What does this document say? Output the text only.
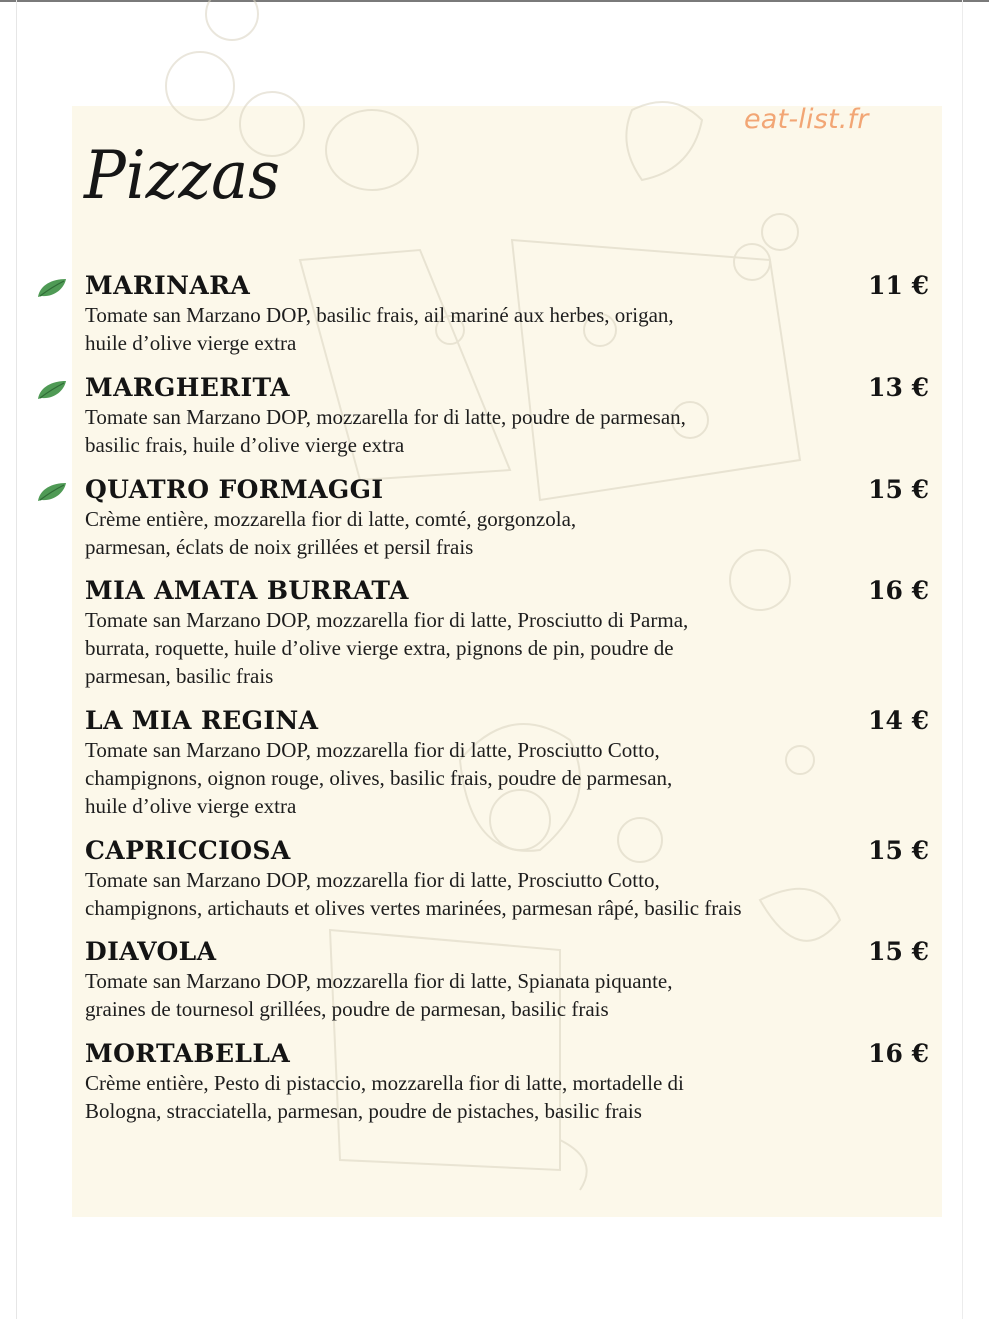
eat-list.fr
Pizzas
MARINARA	11 €
Tomate san Marzano DOP, basilic frais, ail mariné aux herbes, origan,
huile d’olive vierge extra
MARGHERITA	13 €
Tomate san Marzano DOP, mozzarella for di latte, poudre de parmesan,
basilic frais, huile d’olive vierge extra
QUATRO FORMAGGI	15 €
Crème entière, mozzarella fior di latte, comté, gorgonzola,
parmesan, éclats de noix grillées et persil frais
MIA AMATA BURRATA	16 €
Tomate san Marzano DOP, mozzarella fior di latte, Prosciutto di Parma,
burrata, roquette, huile d’olive vierge extra, pignons de pin, poudre de
parmesan, basilic frais
LA MIA REGINA	14 €
Tomate san Marzano DOP, mozzarella fior di latte, Prosciutto Cotto,
champignons, oignon rouge, olives, basilic frais, poudre de parmesan,
huile d’olive vierge extra
CAPRICCIOSA	15 €
Tomate san Marzano DOP, mozzarella fior di latte, Prosciutto Cotto,
champignons, artichauts et olives vertes marinées, parmesan râpé, basilic frais
DIAVOLA	15 €
Tomate san Marzano DOP, mozzarella fior di latte, Spianata piquante,
graines de tournesol grillées, poudre de parmesan, basilic frais
MORTABELLA	16 €
Crème entière, Pesto di pistaccio, mozzarella fior di latte, mortadelle di
Bologna, stracciatella, parmesan, poudre de pistaches, basilic frais
